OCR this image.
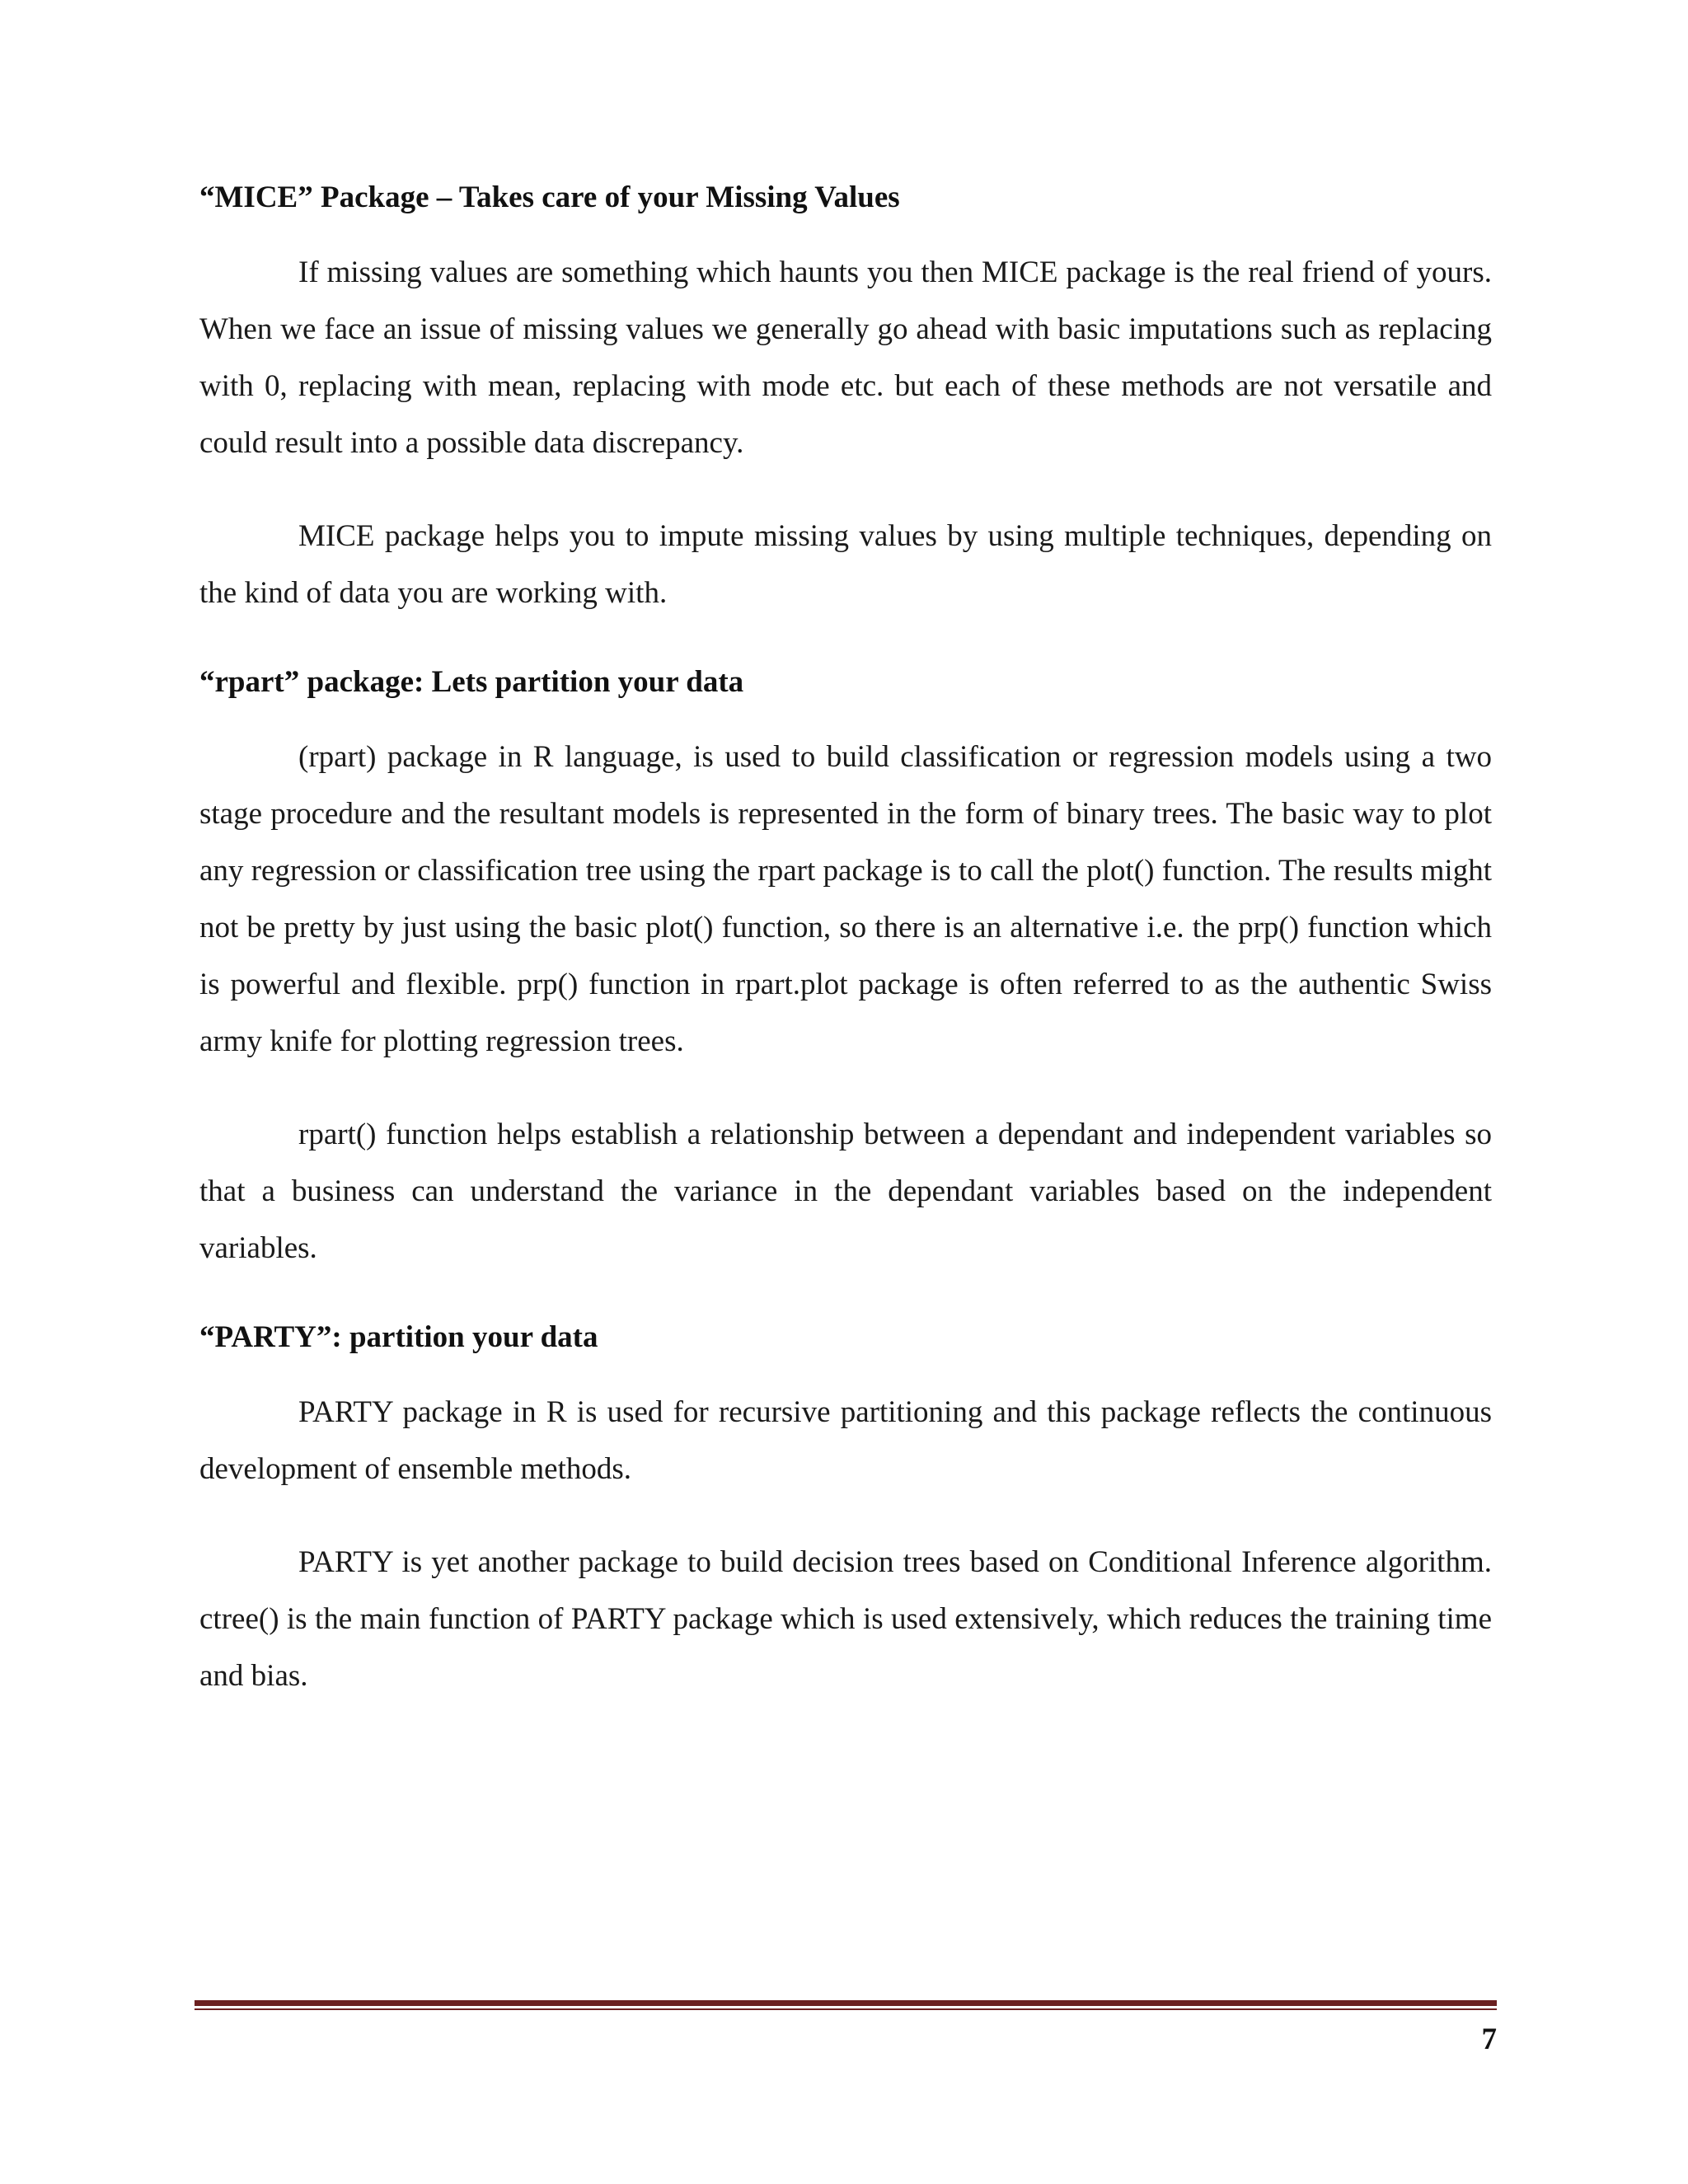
“MICE” Package – Takes care of your Missing Values

If missing values are something which haunts you then MICE package is the real friend of yours. When we face an issue of missing values we generally go ahead with basic imputations such as replacing with 0, replacing with mean, replacing with mode etc. but each of these methods are not versatile and could result into a possible data discrepancy.

MICE package helps you to impute missing values by using multiple techniques, depending on the kind of data you are working with.

“rpart” package: Lets partition your data

(rpart) package in R language, is used to build classification or regression models using a two stage procedure and the resultant models is represented in the form of binary trees. The basic way to plot any regression or classification tree using the rpart package is to call the plot() function. The results might not be pretty by just using the basic plot() function, so there is an alternative i.e. the prp() function which is powerful and flexible. prp() function in rpart.plot package is often referred to as the authentic Swiss army knife for plotting regression trees.

rpart() function helps establish a relationship between a dependant and independent variables so that a business can understand the variance in the dependant variables based on the independent variables.

“PARTY”: partition your data

PARTY package in R is used for recursive partitioning and this package reflects the continuous development of ensemble methods.

PARTY is yet another package to build decision trees based on Conditional Inference algorithm. ctree() is the main function of PARTY package which is used extensively, which reduces the training time and bias.

7
